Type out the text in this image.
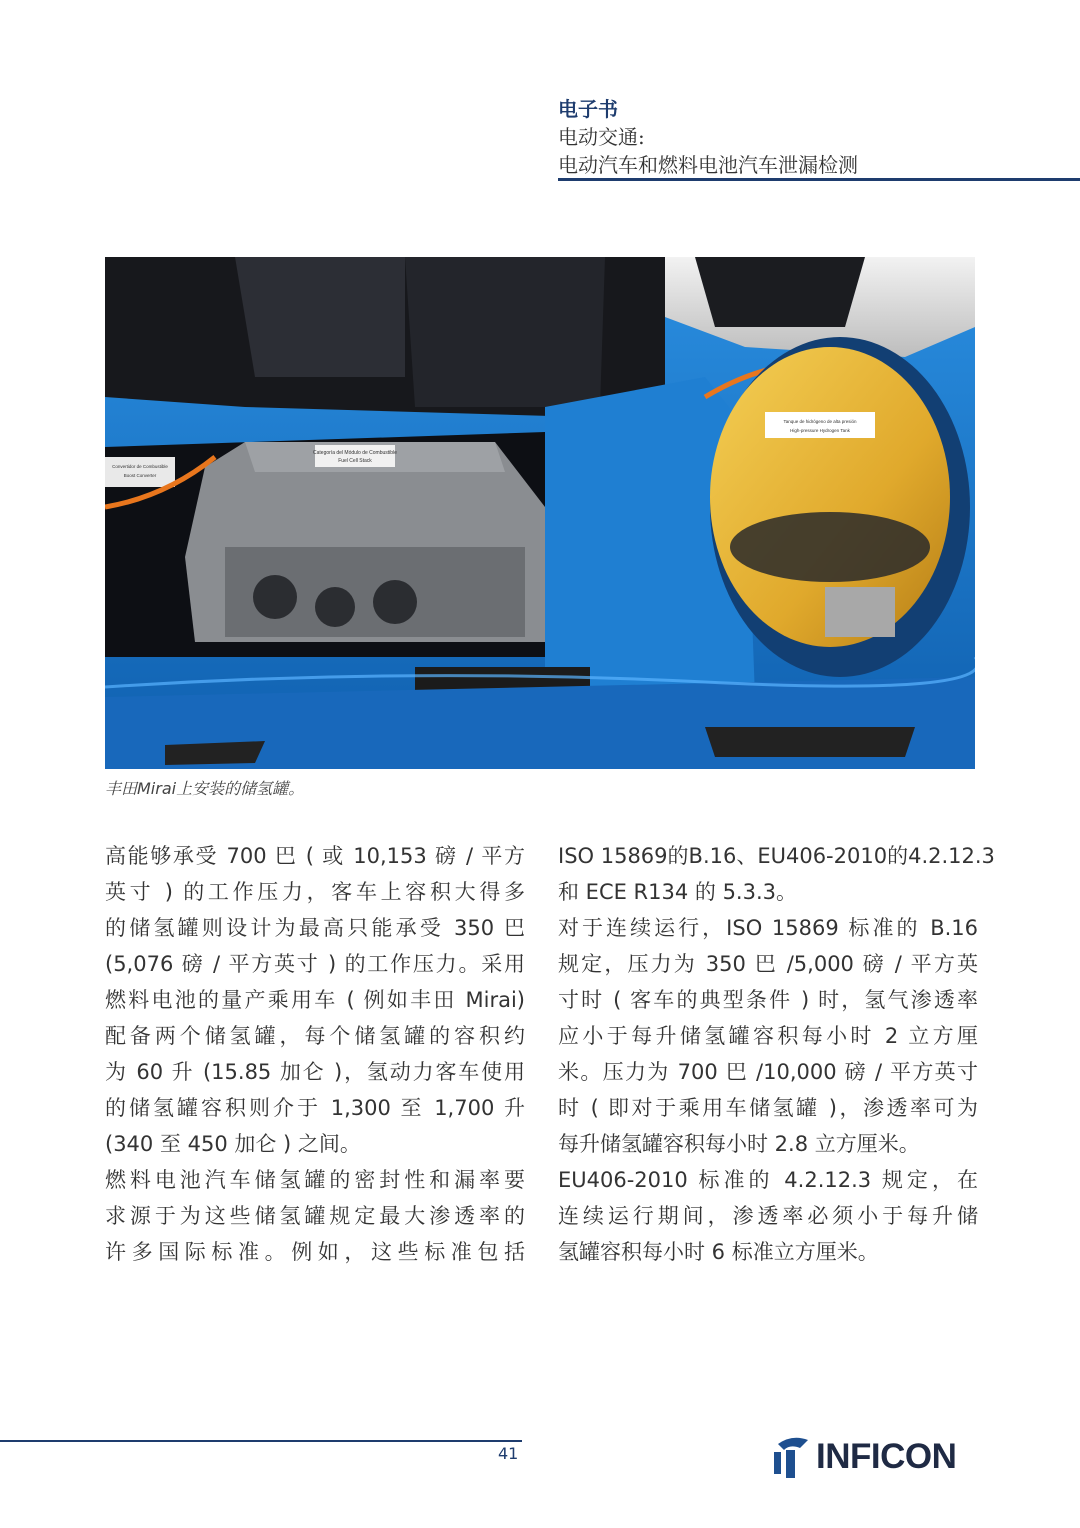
电子书
电动交通:
电动汽车和燃料电池汽车泄漏检测
Categoría del Módulo de Combustible
Fuel Cell Stack
Convertidor de Combustible
Boost Converter
Tanque de hidrógeno de alta presión
High-pressure Hydrogen Tank
丰田Mirai上安装的储氢罐。

高能够承受 700 巴 ( 或 10,153 磅 / 平方
英寸 ) 的工作压力，客车上容积大得多
的储氢罐则设计为最高只能承受 350 巴
(5,076 磅 / 平方英寸 ) 的工作压力。采用
燃料电池的量产乘用车 ( 例如丰田 Mirai)
配备两个储氢罐，每个储氢罐的容积约
为 60 升 (15.85 加仑 )，氢动力客车使用
的储氢罐容积则介于 1,300 至 1,700 升
(340 至 450 加仑 ) 之间。

燃料电池汽车储氢罐的密封性和漏率要
求源于为这些储氢罐规定最大渗透率的
许多国际标准。例如，这些标准包括

ISO 15869的B.16、EU406-2010的4.2.12.3
和 ECE R134 的 5.3.3。

对于连续运行，ISO 15869 标准的 B.16
规定，压力为 350 巴 /5,000 磅 / 平方英
寸时 ( 客车的典型条件 ) 时，氢气渗透率
应小于每升储氢罐容积每小时 2 立方厘
米。压力为 700 巴 /10,000 磅 / 平方英寸
时 ( 即对于乘用车储氢罐 )，渗透率可为
每升储氢罐容积每小时 2.8 立方厘米。

EU406-2010 标准的 4.2.12.3 规定，在
连续运行期间，渗透率必须小于每升储
氢罐容积每小时 6 标准立方厘米。

41	INFICON
